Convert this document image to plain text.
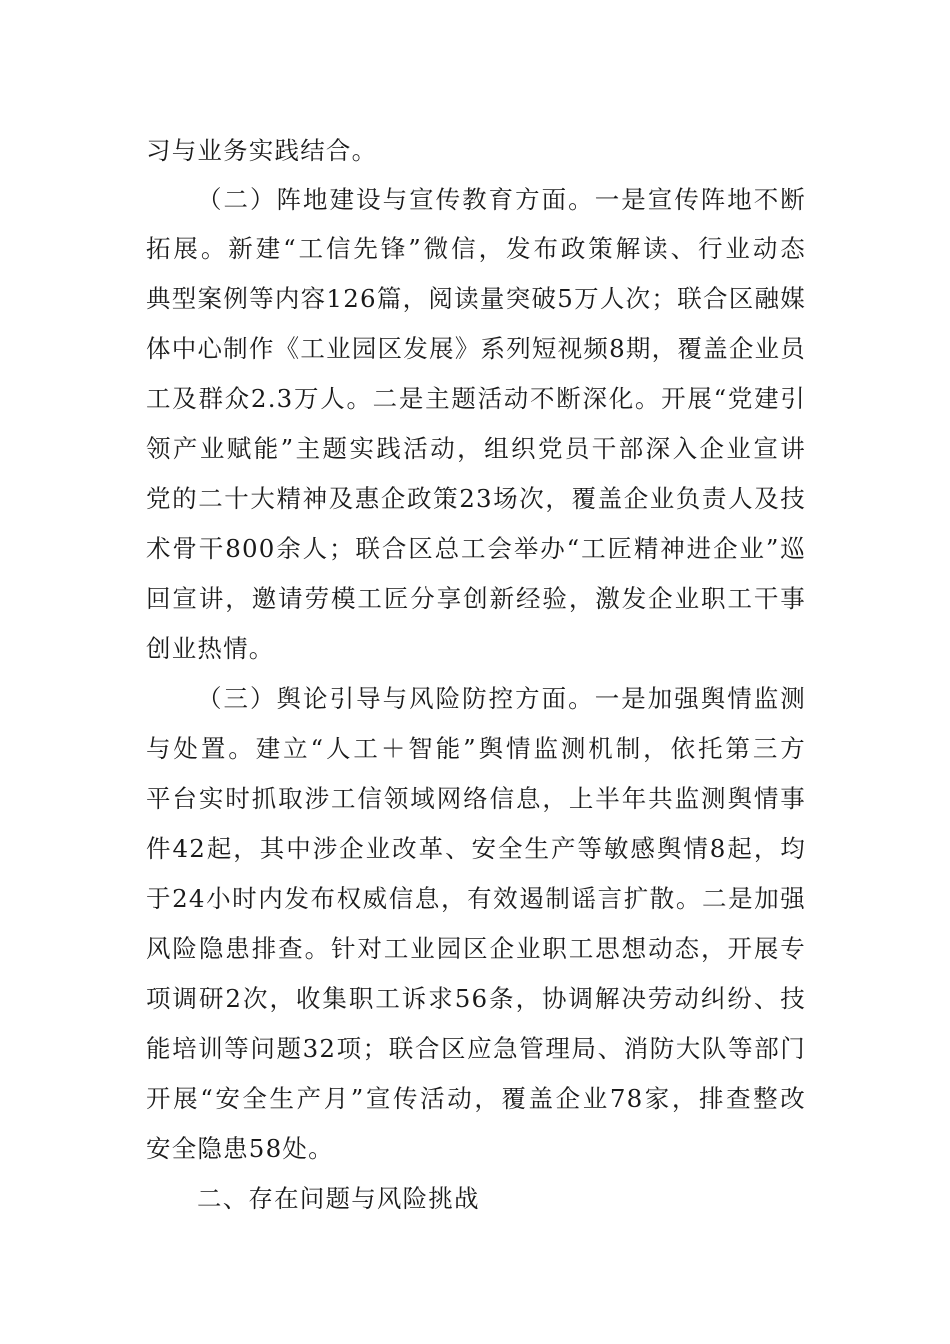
习与业务实践结合。
（二）阵地建设与宣传教育方面。一是宣传阵地不断
拓展。新建“工信先锋”微信，发布政策解读、行业动态
典型案例等内容126篇，阅读量突破5万人次；联合区融媒
体中心制作《工业园区发展》系列短视频8期，覆盖企业员
工及群众2.3万人。二是主题活动不断深化。开展“党建引
领产业赋能”主题实践活动，组织党员干部深入企业宣讲
党的二十大精神及惠企政策23场次，覆盖企业负责人及技
术骨干800余人；联合区总工会举办“工匠精神进企业”巡
回宣讲，邀请劳模工匠分享创新经验，激发企业职工干事
创业热情。
（三）舆论引导与风险防控方面。一是加强舆情监测
与处置。建立“人工＋智能”舆情监测机制，依托第三方
平台实时抓取涉工信领域网络信息，上半年共监测舆情事
件42起，其中涉企业改革、安全生产等敏感舆情8起，均
于24小时内发布权威信息，有效遏制谣言扩散。二是加强
风险隐患排查。针对工业园区企业职工思想动态，开展专
项调研2次，收集职工诉求56条，协调解决劳动纠纷、技
能培训等问题32项；联合区应急管理局、消防大队等部门
开展“安全生产月”宣传活动，覆盖企业78家，排查整改
安全隐患58处。
二、存在问题与风险挑战
